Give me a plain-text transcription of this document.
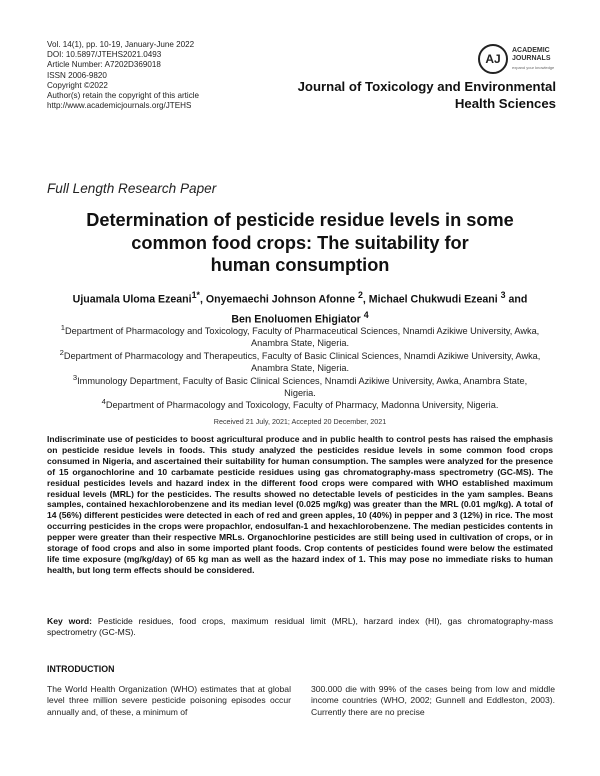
Vol. 14(1), pp. 10-19, January-June 2022
DOI: 10.5897/JTEHS2021.0493
Article Number: A7202D369018
ISSN 2006-9820
Copyright ©2022
Author(s) retain the copyright of this article
http://www.academicjournals.org/JTEHS
AJ
ACADEMIC
JOURNALS
expand your knowledge
Journal of Toxicology and Environmental
Health Sciences
Full Length Research Paper
Determination of pesticide residue levels in some
common food crops: The suitability for
human consumption
Ujuamala Uloma Ezeani$^{1*}$, Onyemaechi Johnson Afonne $^2$, Michael Chukwudi Ezeani $^3$ and
Ben Enoluomen Ehigiator $^4$
$^1$Department of Pharmacology and Toxicology, Faculty of Pharmaceutical Sciences, Nnamdi Azikiwe University, Awka,
Anambra State, Nigeria.
$^2$Department of Pharmacology and Therapeutics, Faculty of Basic Clinical Sciences, Nnamdi Azikiwe University, Awka,
Anambra State, Nigeria.
$^3$Immunology Department, Faculty of Basic Clinical Sciences, Nnamdi Azikiwe University, Awka, Anambra State,
Nigeria.
$^4$Department of Pharmacology and Toxicology, Faculty of Pharmacy, Madonna University, Nigeria.
Received 21 July, 2021; Accepted 20 December, 2021
Indiscriminate use of pesticides to boost agricultural produce and in public health to control pests has raised the emphasis on pesticide residue levels in foods. This study analyzed the pesticides residue levels in some common food crops consumed in Nigeria, and ascertained their suitability for human consumption. The samples were analyzed for the presence of 15 organochlorine and 10 carbamate pesticide residues using gas chromatography-mass spectrometry (GC-MS). The residual pesticides levels and hazard index in the different food crops were compared with WHO established maximum residual levels (MRL) for the pesticides. The results showed no detectable levels of pesticides in the yam samples. Beans samples, contained hexachlorobenzene and its median level (0.025 mg/kg) was greater than the MRL (0.01 mg/kg). A total of 14 (56%) different pesticides were detected in each of red and green apples, 10 (40%) in pepper and 3 (12%) in rice. The most occurring pesticides in the crops were propachlor, endosulfan-1 and hexachlorobenzene. The median pesticides contents in pepper were greater than their respective MRLs. Organochlorine pesticides are still being used in cultivation of crops, or in storage of food crops and also in some imported plant foods. Crop contents of pesticides found were below the estimated life time exposure (mg/kg/day) of 65 kg man as well as the hazard index of 1. This may pose no immediate risks to human health, but long term effects should be considered.
Key word: Pesticide residues, food crops, maximum residual limit (MRL), harzard index (HI), gas chromatography-mass spectrometry (GC-MS).
INTRODUCTION
The World Health Organization (WHO) estimates that at global level three million severe pesticide poisoning episodes occur annually and, of these, a minimum of
300.000 die with 99% of the cases being from low and middle income countries (WHO, 2002; Gunnell and Eddleston, 2003). Currently there are no precise
